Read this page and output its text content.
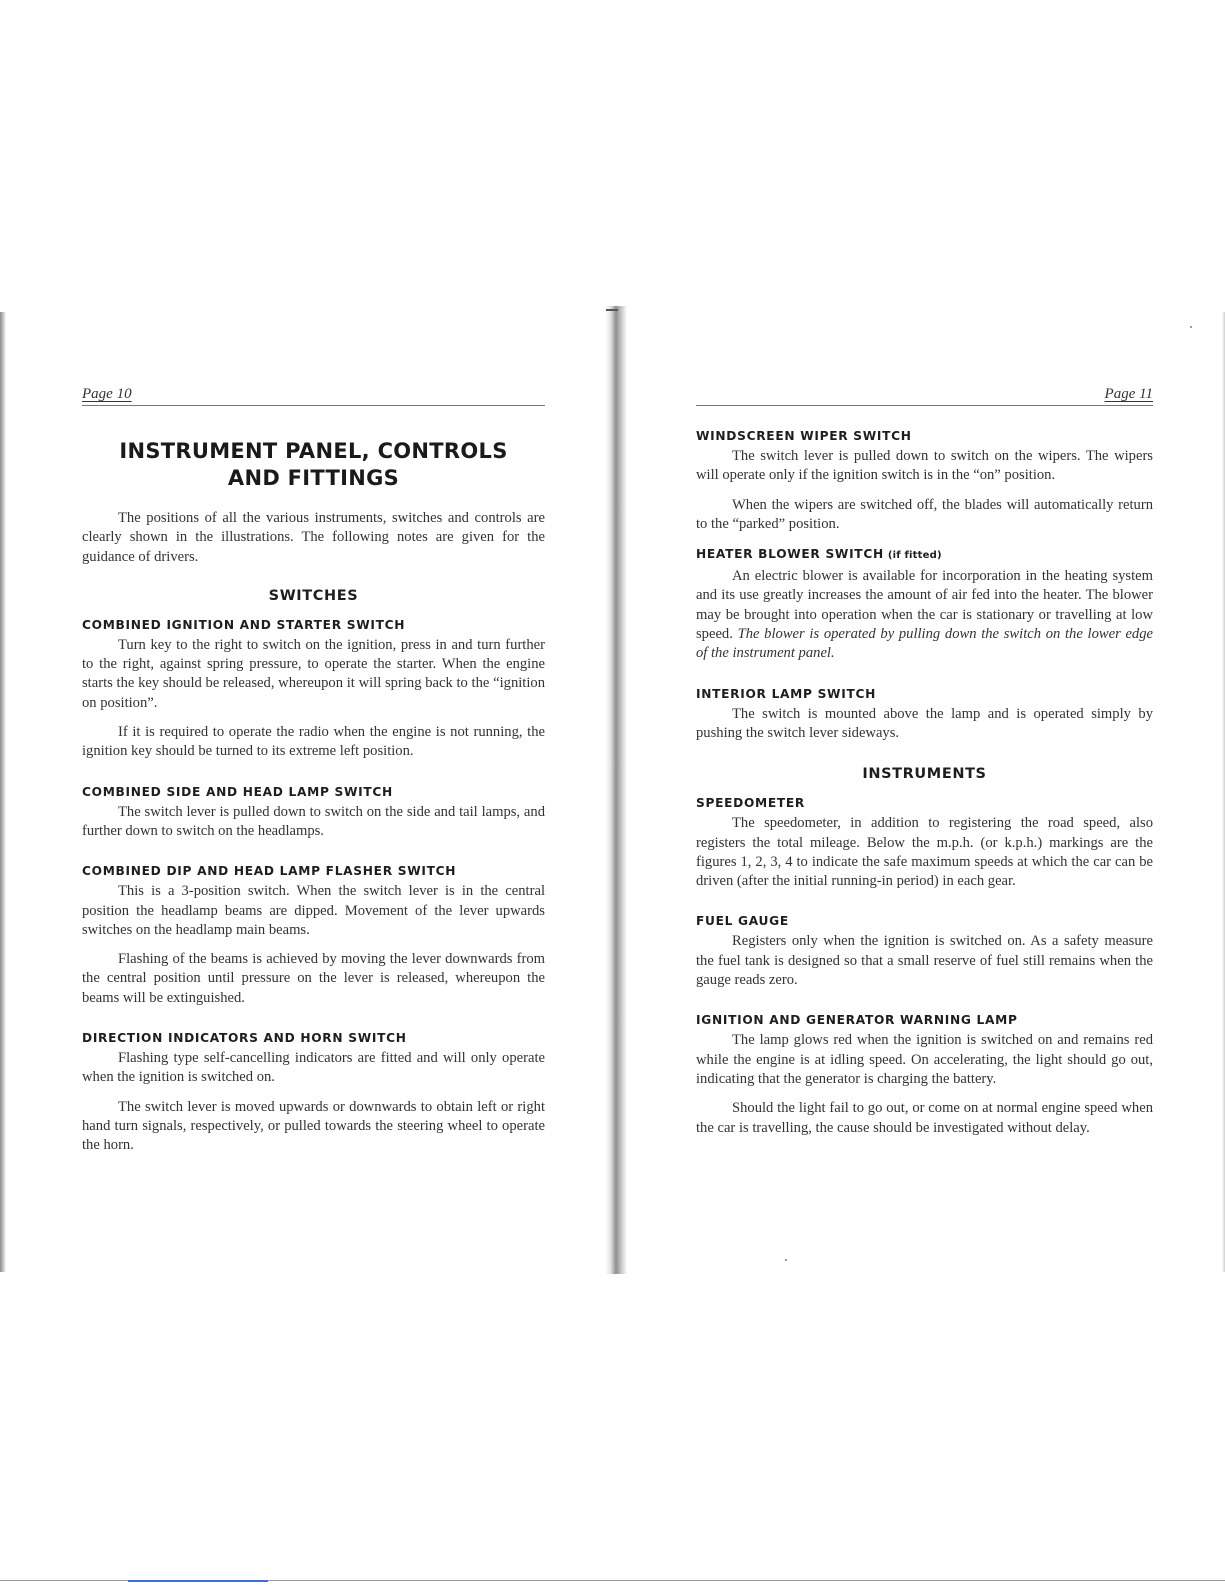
Page 10
INSTRUMENT PANEL, CONTROLS
AND FITTINGS

The positions of all the various instruments, switches and controls are clearly shown in the illustrations. The following notes are given for the guidance of drivers.

SWITCHES
COMBINED IGNITION AND STARTER SWITCH

Turn key to the right to switch on the ignition, press in and turn further to the right, against spring pressure, to operate the starter. When the engine starts the key should be released, whereupon it will spring back to the “ignition on position”.

If it is required to operate the radio when the engine is not running, the ignition key should be turned to its extreme left position.

COMBINED SIDE AND HEAD LAMP SWITCH

The switch lever is pulled down to switch on the side and tail lamps, and further down to switch on the headlamps.

COMBINED DIP AND HEAD LAMP FLASHER SWITCH

This is a 3-position switch. When the switch lever is in the central position the headlamp beams are dipped. Movement of the lever upwards switches on the headlamp main beams.

Flashing of the beams is achieved by moving the lever downwards from the central position until pressure on the lever is released, whereupon the beams will be extinguished.

DIRECTION INDICATORS AND HORN SWITCH

Flashing type self-cancelling indicators are fitted and will only operate when the ignition is switched on.

The switch lever is moved upwards or downwards to obtain left or right hand turn signals, respectively, or pulled towards the steering wheel to operate the horn.

Page 11
WINDSCREEN WIPER SWITCH

The switch lever is pulled down to switch on the wipers. The wipers will operate only if the ignition switch is in the “on” position.

When the wipers are switched off, the blades will automatically return to the “parked” position.

HEATER BLOWER SWITCH (if fitted)

An electric blower is available for incorporation in the heating system and its use greatly increases the amount of air fed into the heater. The blower may be brought into operation when the car is stationary or travelling at low speed. The blower is operated by pulling down the switch on the lower edge of the instrument panel.

INTERIOR LAMP SWITCH

The switch is mounted above the lamp and is operated simply by pushing the switch lever sideways.

INSTRUMENTS
SPEEDOMETER

The speedometer, in addition to registering the road speed, also registers the total mileage. Below the m.p.h. (or k.p.h.) markings are the figures 1, 2, 3, 4 to indicate the safe maximum speeds at which the car can be driven (after the initial running-in period) in each gear.

FUEL GAUGE

Registers only when the ignition is switched on. As a safety measure the fuel tank is designed so that a small reserve of fuel still remains when the gauge reads zero.

IGNITION AND GENERATOR WARNING LAMP

The lamp glows red when the ignition is switched on and remains red while the engine is at idling speed. On accelerating, the light should go out, indicating that the generator is charging the battery.

Should the light fail to go out, or come on at normal engine speed when the car is travelling, the cause should be investigated without delay.
